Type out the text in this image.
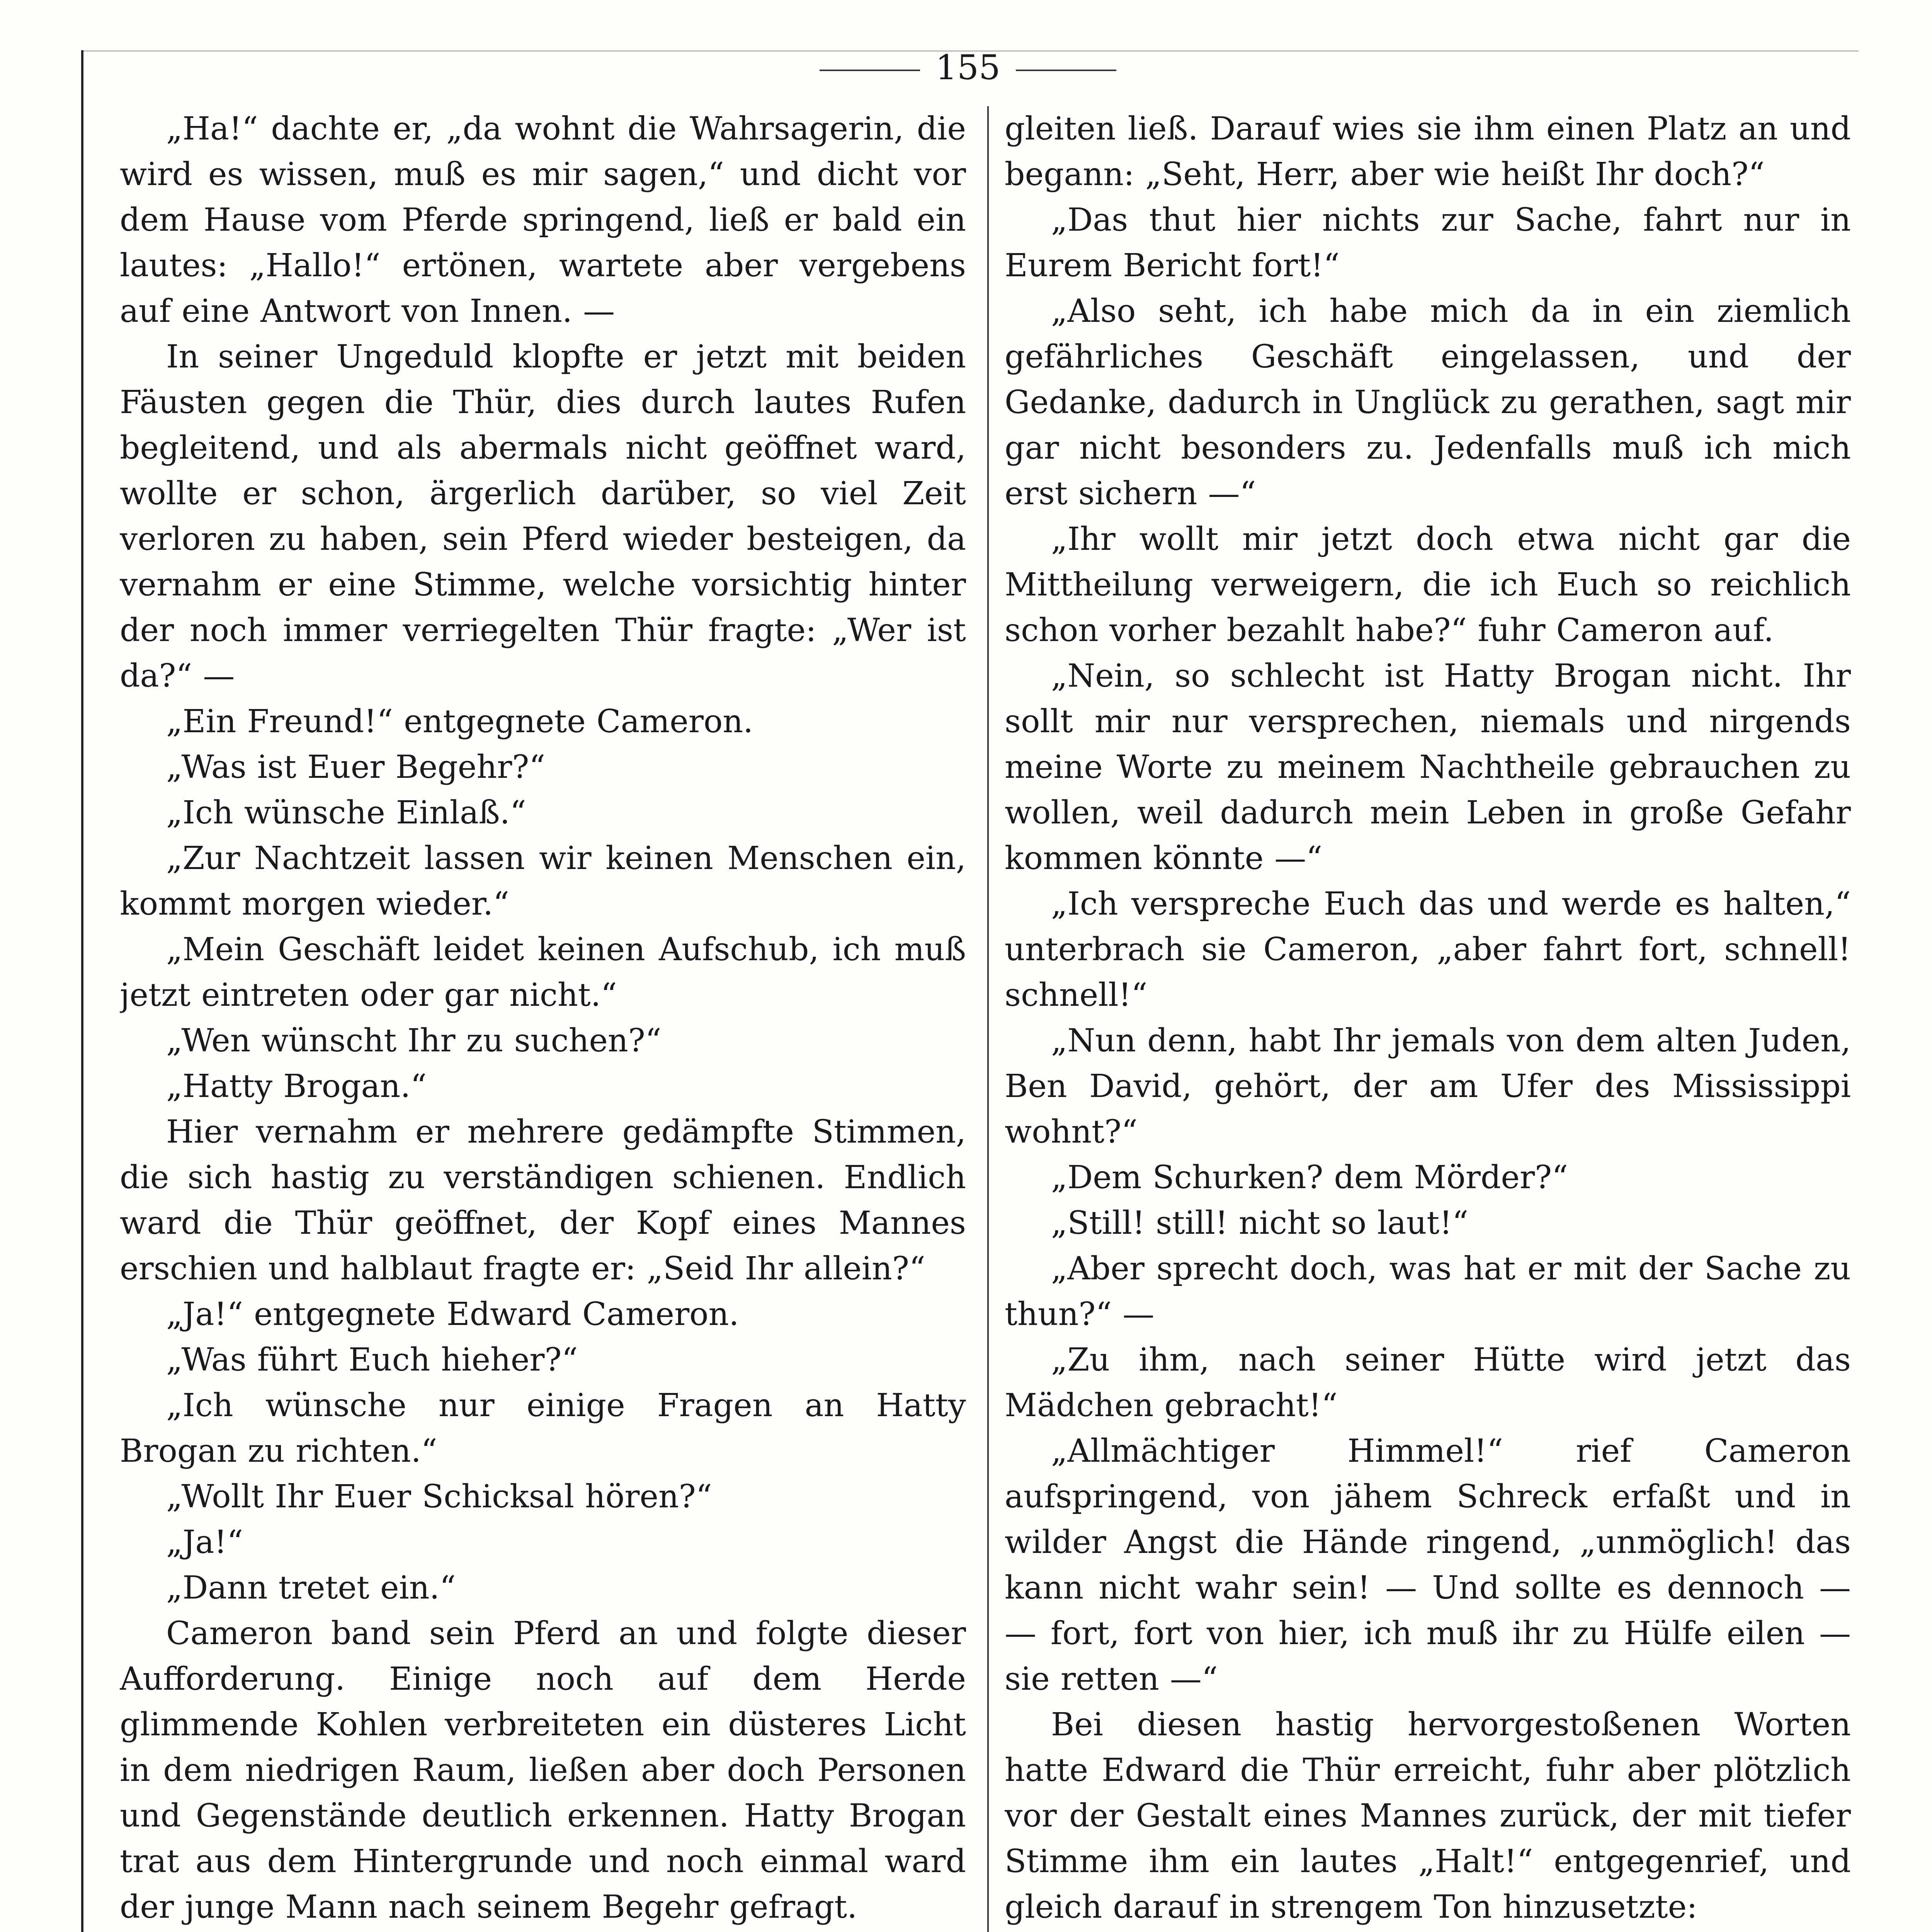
155

„Ha!“ dachte er, „da wohnt die Wahrsagerin, die wird es wissen, muß es mir sagen,“ und dicht vor dem Hause vom Pferde springend, ließ er bald ein lautes: „Hallo!“ ertönen, wartete aber vergebens auf eine Antwort von Innen. —

In seiner Ungeduld klopfte er jetzt mit beiden Fäusten gegen die Thür, dies durch lautes Rufen begleitend, und als abermals nicht geöffnet ward, wollte er schon, ärgerlich darüber, so viel Zeit verloren zu haben, sein Pferd wieder besteigen, da vernahm er eine Stimme, welche vorsichtig hinter der noch immer verriegelten Thür fragte: „Wer ist da?“ —

„Ein Freund!“ entgegnete Cameron.

„Was ist Euer Begehr?“

„Ich wünsche Einlaß.“

„Zur Nachtzeit lassen wir keinen Menschen ein, kommt morgen wieder.“

„Mein Geschäft leidet keinen Aufschub, ich muß jetzt eintreten oder gar nicht.“

„Wen wünscht Ihr zu suchen?“

„Hatty Brogan.“

Hier vernahm er mehrere gedämpfte Stimmen, die sich hastig zu verständigen schienen. Endlich ward die Thür geöffnet, der Kopf eines Mannes erschien und halblaut fragte er: „Seid Ihr allein?“

„Ja!“ entgegnete Edward Cameron.

„Was führt Euch hieher?“

„Ich wünsche nur einige Fragen an Hatty Brogan zu richten.“

„Wollt Ihr Euer Schicksal hören?“

„Ja!“

„Dann tretet ein.“

Cameron band sein Pferd an und folgte dieser Aufforderung. Einige noch auf dem Herde glimmende Kohlen verbreiteten ein düsteres Licht in dem niedrigen Raum, ließen aber doch Personen und Gegenstände deutlich erkennen. Hatty Brogan trat aus dem Hintergrunde und noch einmal ward der junge Mann nach seinem Begehr gefragt.

gleiten ließ. Darauf wies sie ihm einen Platz an und begann: „Seht, Herr, aber wie heißt Ihr doch?“

„Das thut hier nichts zur Sache, fahrt nur in Eurem Bericht fort!“

„Also seht, ich habe mich da in ein ziemlich gefährliches Geschäft eingelassen, und der Gedanke, dadurch in Unglück zu gerathen, sagt mir gar nicht besonders zu. Jedenfalls muß ich mich erst sichern —“

„Ihr wollt mir jetzt doch etwa nicht gar die Mittheilung verweigern, die ich Euch so reichlich schon vorher bezahlt habe?“ fuhr Cameron auf.

„Nein, so schlecht ist Hatty Brogan nicht. Ihr sollt mir nur versprechen, niemals und nirgends meine Worte zu meinem Nachtheile gebrauchen zu wollen, weil dadurch mein Leben in große Gefahr kommen könnte —“

„Ich verspreche Euch das und werde es halten,“ unterbrach sie Cameron, „aber fahrt fort, schnell! schnell!“

„Nun denn, habt Ihr jemals von dem alten Juden, Ben David, gehört, der am Ufer des Mississippi wohnt?“

„Dem Schurken? dem Mörder?“

„Still! still! nicht so laut!“

„Aber sprecht doch, was hat er mit der Sache zu thun?“ —

„Zu ihm, nach seiner Hütte wird jetzt das Mädchen gebracht!“

„Allmächtiger Himmel!“ rief Cameron aufspringend, von jähem Schreck erfaßt und in wilder Angst die Hände ringend, „unmöglich! das kann nicht wahr sein! — Und sollte es dennoch — — fort, fort von hier, ich muß ihr zu Hülfe eilen — sie retten —“

Bei diesen hastig hervorgestoßenen Worten hatte Edward die Thür erreicht, fuhr aber plötzlich vor der Gestalt eines Mannes zurück, der mit tiefer Stimme ihm ein lautes „Halt!“ entgegenrief, und gleich darauf in strengem Ton hinzusetzte:
